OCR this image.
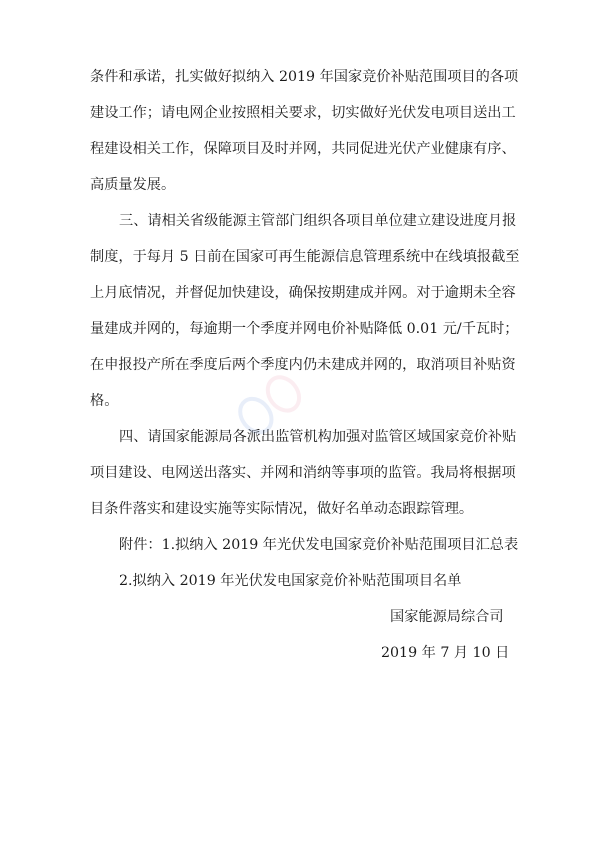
条件和承诺，扎实做好拟纳入 2019 年国家竞价补贴范围项目的各项
建设工作；请电网企业按照相关要求，切实做好光伏发电项目送出工
程建设相关工作，保障项目及时并网，共同促进光伏产业健康有序、
高质量发展。
三、请相关省级能源主管部门组织各项目单位建立建设进度月报
制度，于每月 5 日前在国家可再生能源信息管理系统中在线填报截至
上月底情况，并督促加快建设，确保按期建成并网。对于逾期未全容
量建成并网的，每逾期一个季度并网电价补贴降低 0.01 元/千瓦时；
在申报投产所在季度后两个季度内仍未建成并网的，取消项目补贴资
格。
四、请国家能源局各派出监管机构加强对监管区域国家竞价补贴
项目建设、电网送出落实、并网和消纳等事项的监管。我局将根据项
目条件落实和建设实施等实际情况，做好名单动态跟踪管理。
附件：1.拟纳入 2019 年光伏发电国家竞价补贴范围项目汇总表
2.拟纳入 2019 年光伏发电国家竞价补贴范围项目名单
国家能源局综合司
2019 年 7 月 10 日
